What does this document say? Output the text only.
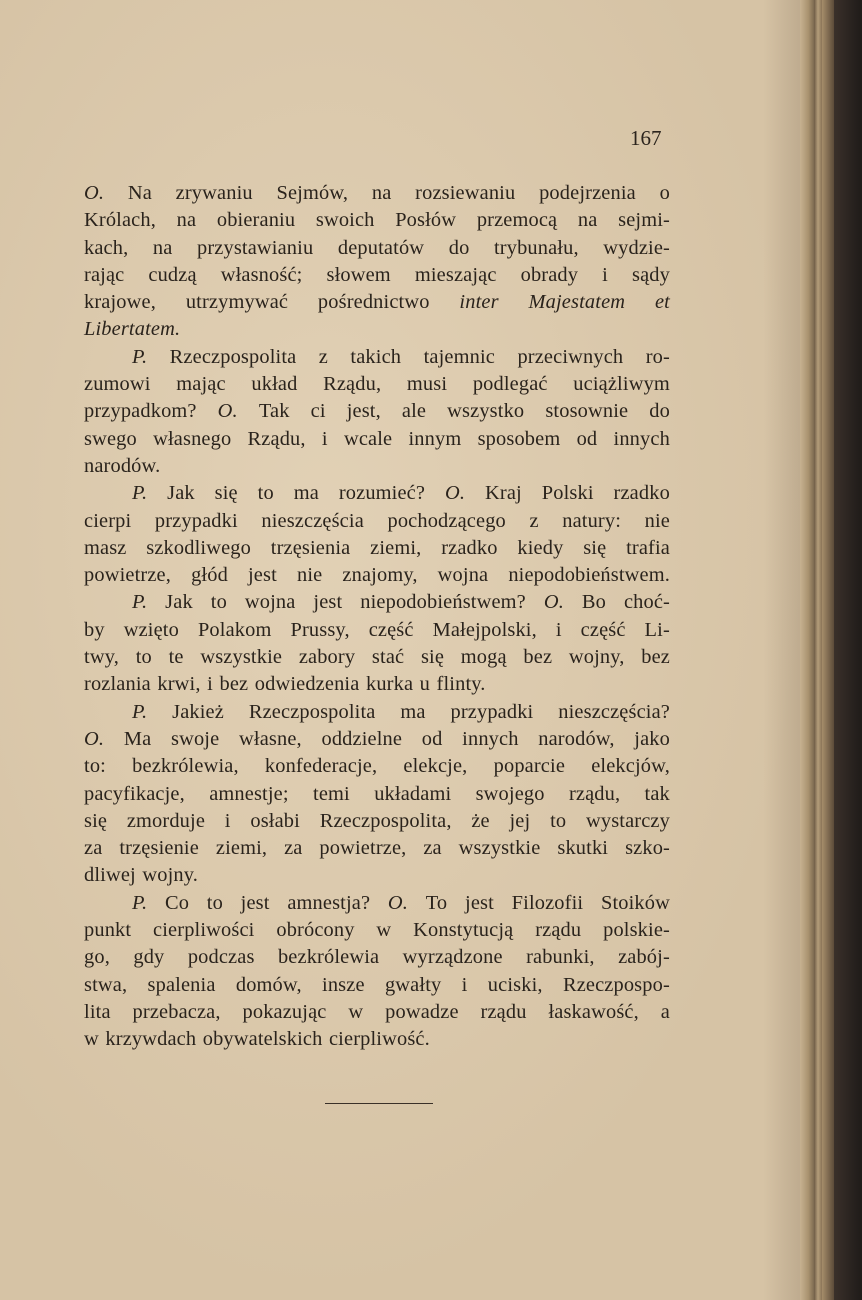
167
O. Na zrywaniu Sejmów, na rozsiewaniu podejrzenia o
Królach, na obieraniu swoich Posłów przemocą na sejmi-
kach, na przystawianiu deputatów do trybunału, wydzie-
rając cudzą własność; słowem mieszając obrady i sądy
krajowe, utrzymywać pośrednictwo inter Majestatem et
Libertatem.
P. Rzeczpospolita z takich tajemnic przeciwnych ro-
zumowi mając układ Rządu, musi podlegać uciążliwym
przypadkom? O. Tak ci jest, ale wszystko stosownie do
swego własnego Rządu, i wcale innym sposobem od innych
narodów.
P. Jak się to ma rozumieć? O. Kraj Polski rzadko
cierpi przypadki nieszczęścia pochodzącego z natury: nie
masz szkodliwego trzęsienia ziemi, rzadko kiedy się trafia
powietrze, głód jest nie znajomy, wojna niepodobieństwem.
P. Jak to wojna jest niepodobieństwem? O. Bo choć-
by wzięto Polakom Prussy, część Małejpolski, i część Li-
twy, to te wszystkie zabory stać się mogą bez wojny, bez
rozlania krwi, i bez odwiedzenia kurka u flinty.
P. Jakież Rzeczpospolita ma przypadki nieszczęścia?
O. Ma swoje własne, oddzielne od innych narodów, jako
to: bezkrólewia, konfederacje, elekcje, poparcie elekcjów,
pacyfikacje, amnestje; temi układami swojego rządu, tak
się zmorduje i osłabi Rzeczpospolita, że jej to wystarczy
za trzęsienie ziemi, za powietrze, za wszystkie skutki szko-
dliwej wojny.
P. Co to jest amnestja? O. To jest Filozofii Stoików
punkt cierpliwości obrócony w Konstytucją rządu polskie-
go, gdy podczas bezkrólewia wyrządzone rabunki, zabój-
stwa, spalenia domów, insze gwałty i uciski, Rzeczpospo-
lita przebacza, pokazując w powadze rządu łaskawość, a
w krzywdach obywatelskich cierpliwość.
